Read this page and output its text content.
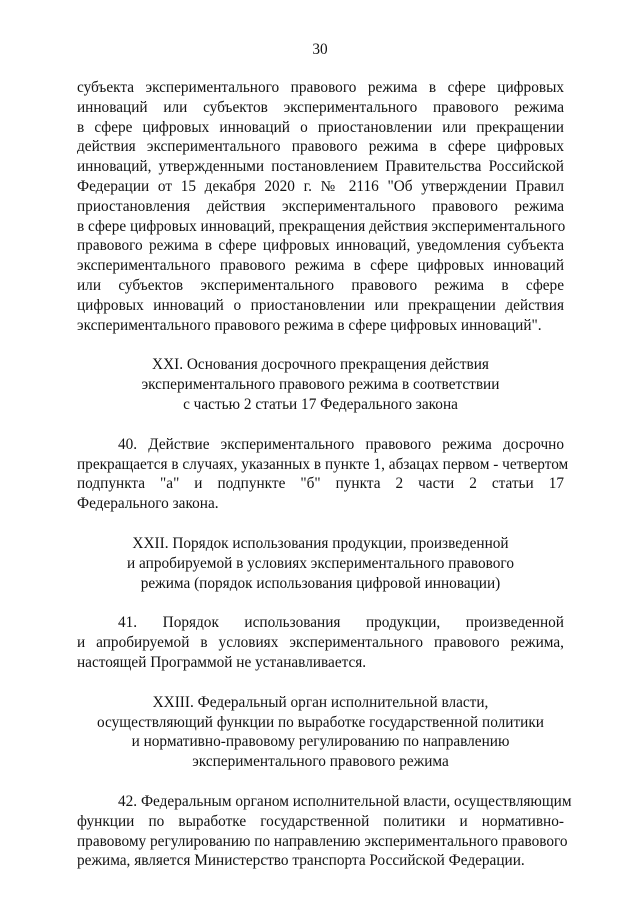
30

субъекта экспериментального правового режима в сфере цифровых
инноваций или субъектов экспериментального правового режима
в сфере цифровых инноваций о приостановлении или прекращении
действия экспериментального правового режима в сфере цифровых
инноваций, утвержденными постановлением Правительства Российской
Федерации от 15 декабря 2020 г. № 2116 "Об утверждении Правил
приостановления действия экспериментального правового режима
в сфере цифровых инноваций, прекращения действия экспериментального
правового режима в сфере цифровых инноваций, уведомления субъекта
экспериментального правового режима в сфере цифровых инноваций
или субъектов экспериментального правового режима в сфере
цифровых инноваций о приостановлении или прекращении действия
экспериментального правового режима в сфере цифровых инноваций".

XXI. Основания досрочного прекращения действия
экспериментального правового режима в соответствии
с частью 2 статьи 17 Федерального закона

40. Действие экспериментального правового режима досрочно
прекращается в случаях, указанных в пункте 1, абзацах первом - четвертом
подпункта "а" и подпункте "б" пункта 2 части 2 статьи 17
Федерального закона.

XXII. Порядок использования продукции, произведенной
и апробируемой в условиях экспериментального правового
режима (порядок использования цифровой инновации)

41. Порядок использования продукции, произведенной
и апробируемой в условиях экспериментального правового режима,
настоящей Программой не устанавливается.

XXIII. Федеральный орган исполнительной власти,
осуществляющий функции по выработке государственной политики
и нормативно-правовому регулированию по направлению
экспериментального правового режима

42. Федеральным органом исполнительной власти, осуществляющим
функции по выработке государственной политики и нормативно-
правовому регулированию по направлению экспериментального правового
режима, является Министерство транспорта Российской Федерации.
